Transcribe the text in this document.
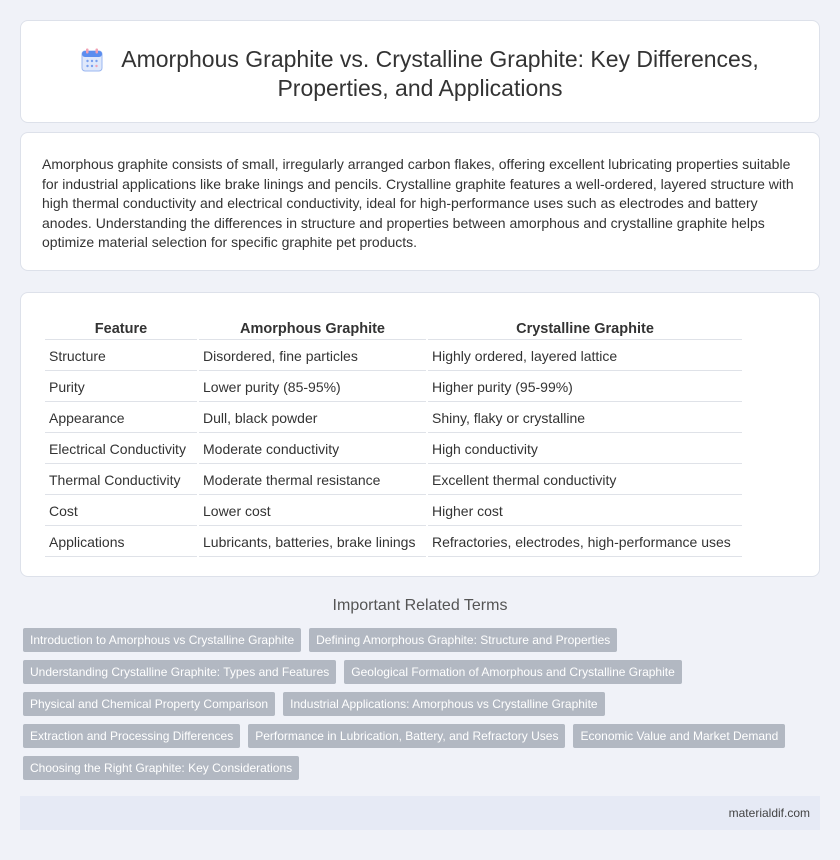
Amorphous Graphite vs. Crystalline Graphite: Key Differences,
Properties, and Applications

Amorphous graphite consists of small, irregularly arranged carbon flakes, offering excellent lubricating properties suitable for industrial applications like brake linings and pencils. Crystalline graphite features a well-ordered, layered structure with high thermal conductivity and electrical conductivity, ideal for high-performance uses such as electrodes and battery anodes. Understanding the differences in structure and properties between amorphous and crystalline graphite helps optimize material selection for specific graphite pet products.

Feature	Amorphous Graphite	Crystalline Graphite
Structure	Disordered, fine particles	Highly ordered, layered lattice
Purity	Lower purity (85-95%)	Higher purity (95-99%)
Appearance	Dull, black powder	Shiny, flaky or crystalline
Electrical Conductivity	Moderate conductivity	High conductivity
Thermal Conductivity	Moderate thermal resistance	Excellent thermal conductivity
Cost	Lower cost	Higher cost
Applications	Lubricants, batteries, brake linings	Refractories, electrodes, high-performance uses
Important Related Terms
Introduction to Amorphous vs Crystalline Graphite	Defining Amorphous Graphite: Structure and Properties
Understanding Crystalline Graphite: Types and Features	Geological Formation of Amorphous and Crystalline Graphite
Physical and Chemical Property Comparison	Industrial Applications: Amorphous vs Crystalline Graphite
Extraction and Processing Differences	Performance in Lubrication, Battery, and Refractory Uses	Economic Value and Market Demand
Choosing the Right Graphite: Key Considerations
materialdif.com
